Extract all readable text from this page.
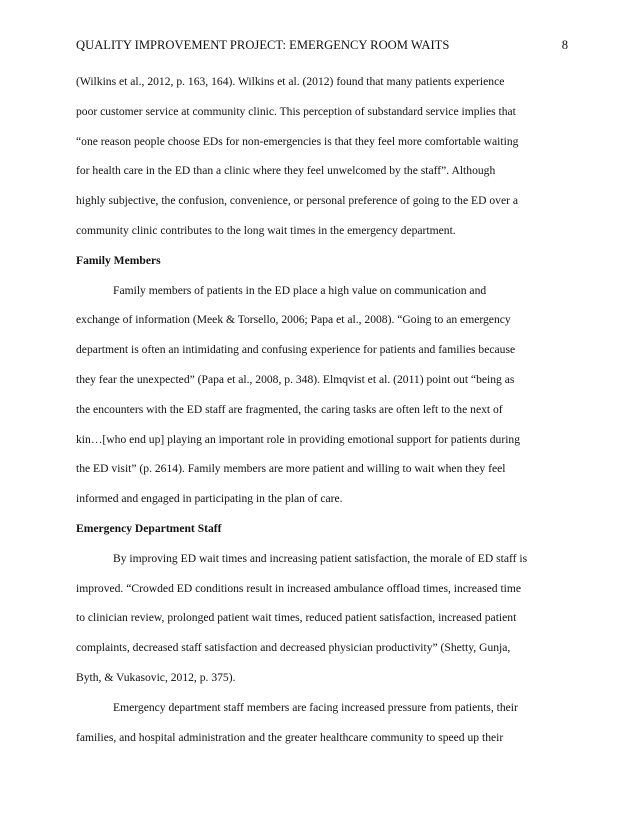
QUALITY IMPROVEMENT PROJECT: EMERGENCY ROOM WAITS	8
(Wilkins et al., 2012, p. 163, 164). Wilkins et al. (2012) found that many patients experience
poor customer service at community clinic. This perception of substandard service implies that
“one reason people choose EDs for non-emergencies is that they feel more comfortable waiting
for health care in the ED than a clinic where they feel unwelcomed by the staff”. Although
highly subjective, the confusion, convenience, or personal preference of going to the ED over a
community clinic contributes to the long wait times in the emergency department.
Family Members
Family members of patients in the ED place a high value on communication and
exchange of information (Meek & Torsello, 2006; Papa et al., 2008). “Going to an emergency
department is often an intimidating and confusing experience for patients and families because
they fear the unexpected” (Papa et al., 2008, p. 348). Elmqvist et al. (2011) point out “being as
the encounters with the ED staff are fragmented, the caring tasks are often left to the next of
kin…[who end up] playing an important role in providing emotional support for patients during
the ED visit” (p. 2614). Family members are more patient and willing to wait when they feel
informed and engaged in participating in the plan of care.
Emergency Department Staff
By improving ED wait times and increasing patient satisfaction, the morale of ED staff is
improved. “Crowded ED conditions result in increased ambulance offload times, increased time
to clinician review, prolonged patient wait times, reduced patient satisfaction, increased patient
complaints, decreased staff satisfaction and decreased physician productivity” (Shetty, Gunja,
Byth, & Vukasovic, 2012, p. 375).
Emergency department staff members are facing increased pressure from patients, their
families, and hospital administration and the greater healthcare community to speed up their
